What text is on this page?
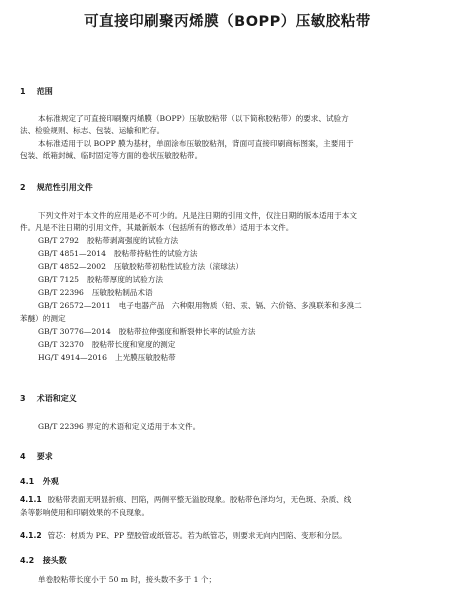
可直接印刷聚丙烯膜（BOPP）压敏胶粘带
1 范围
本标准规定了可直接印刷聚丙烯膜（BOPP）压敏胶粘带（以下简称胶粘带）的要求、试验方
法、检验规则、标志、包装、运输和贮存。
本标准适用于以 BOPP 膜为基材，单面涂布压敏胶粘剂，背面可直接印刷商标图案，主要用于
包装、纸箱封缄、临时固定等方面的卷状压敏胶粘带。
2 规范性引用文件
下列文件对于本文件的应用是必不可少的。凡是注日期的引用文件，仅注日期的版本适用于本文
件。凡是不注日期的引用文件，其最新版本（包括所有的修改单）适用于本文件。
GB/T 2792 胶粘带剥离强度的试验方法
GB/T 4851—2014 胶粘带持粘性的试验方法
GB/T 4852—2002 压敏胶粘带初粘性试验方法（滚球法）
GB/T 7125 胶粘带厚度的试验方法
GB/T 22396 压敏胶粘制品术语
GB/T 26572—2011 电子电器产品　六种限用物质（铅、汞、镉、六价铬、多溴联苯和多溴二
苯醚）的测定
GB/T 30776—2014 胶粘带拉伸强度和断裂伸长率的试验方法
GB/T 32370 胶粘带长度和宽度的测定
HG/T 4914—2016 上光膜压敏胶粘带
3 术语和定义
GB/T 22396 界定的术语和定义适用于本文件。
4 要求
4.1 外观
4.1.1 胶粘带表面无明显折痕、凹陷，两侧平整无溢胶现象。胶粘带色泽均匀，无色斑、杂质、线
条等影响使用和印刷效果的不良现象。
4.1.2 管芯：材质为 PE、PP 塑胶管或纸管芯。若为纸管芯，则要求无向内凹陷、变形和分层。
4.2 接头数
单卷胶粘带长度小于 50 m 时，接头数不多于 1 个；
